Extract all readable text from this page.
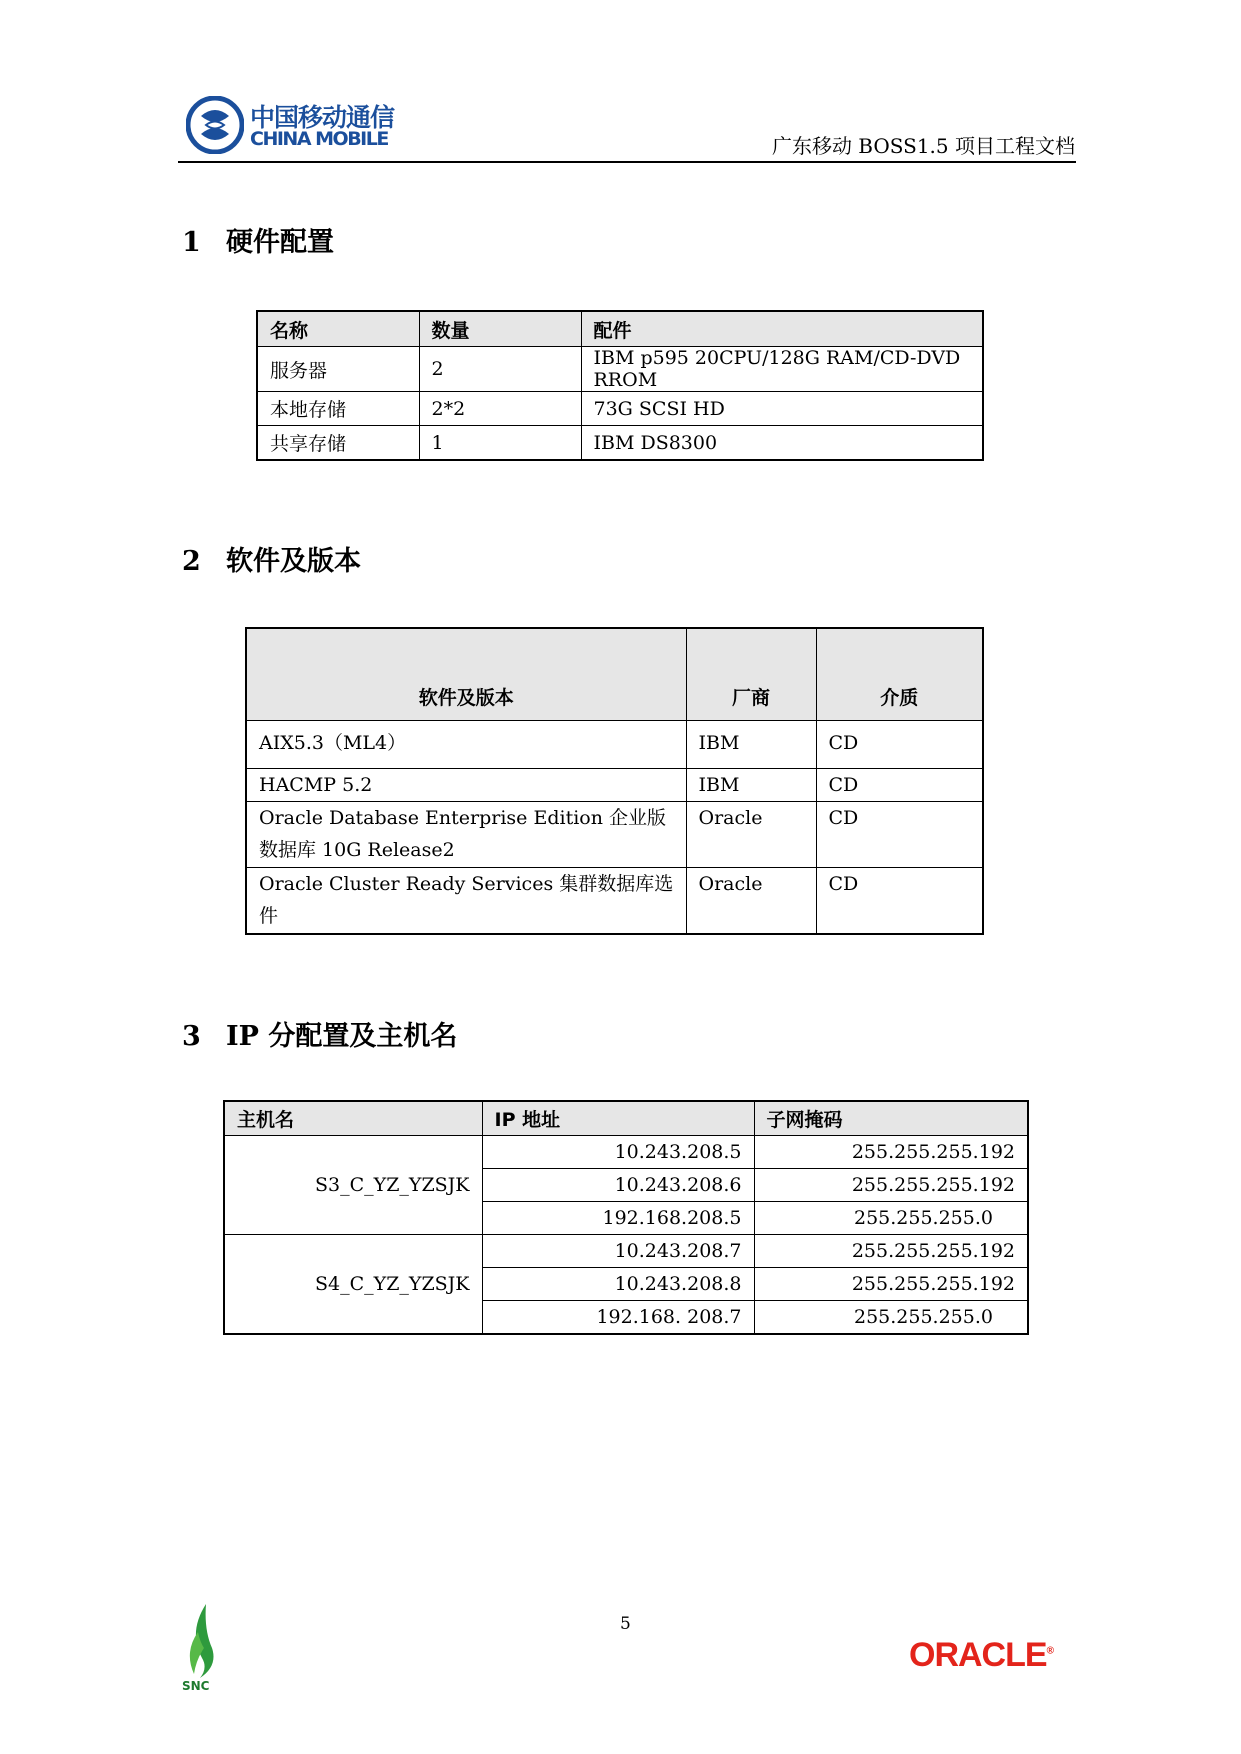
中国移动通信
CHINA MOBILE	广东移动 BOSS1.5 项目工程文档
1 硬件配置
名称	数量	配件
服务器	2	IBM p595 20CPU/128G RAM/CD-DVD RROM
本地存储	2*2	73G SCSI HD
共享存储	1	IBM DS8300
2 软件及版本
软件及版本	厂商	介质
AIX5.3（ML4）	IBM	CD
HACMP 5.2	IBM	CD
Oracle Database Enterprise Edition 企业版数据库 10G Release2	Oracle	CD
Oracle Cluster Ready Services 集群数据库选件	Oracle	CD
3 IP 分配置及主机名
主机名	IP 地址	子网掩码
S3_C_YZ_YZSJK	10.243.208.5	255.255.255.192
	10.243.208.6	255.255.255.192
	192.168.208.5	255.255.255.0
S4_C_YZ_YZSJK	10.243.208.7	255.255.255.192
	10.243.208.8	255.255.255.192
	192.168. 208.7	255.255.255.0
SNC
5
ORACLE®
